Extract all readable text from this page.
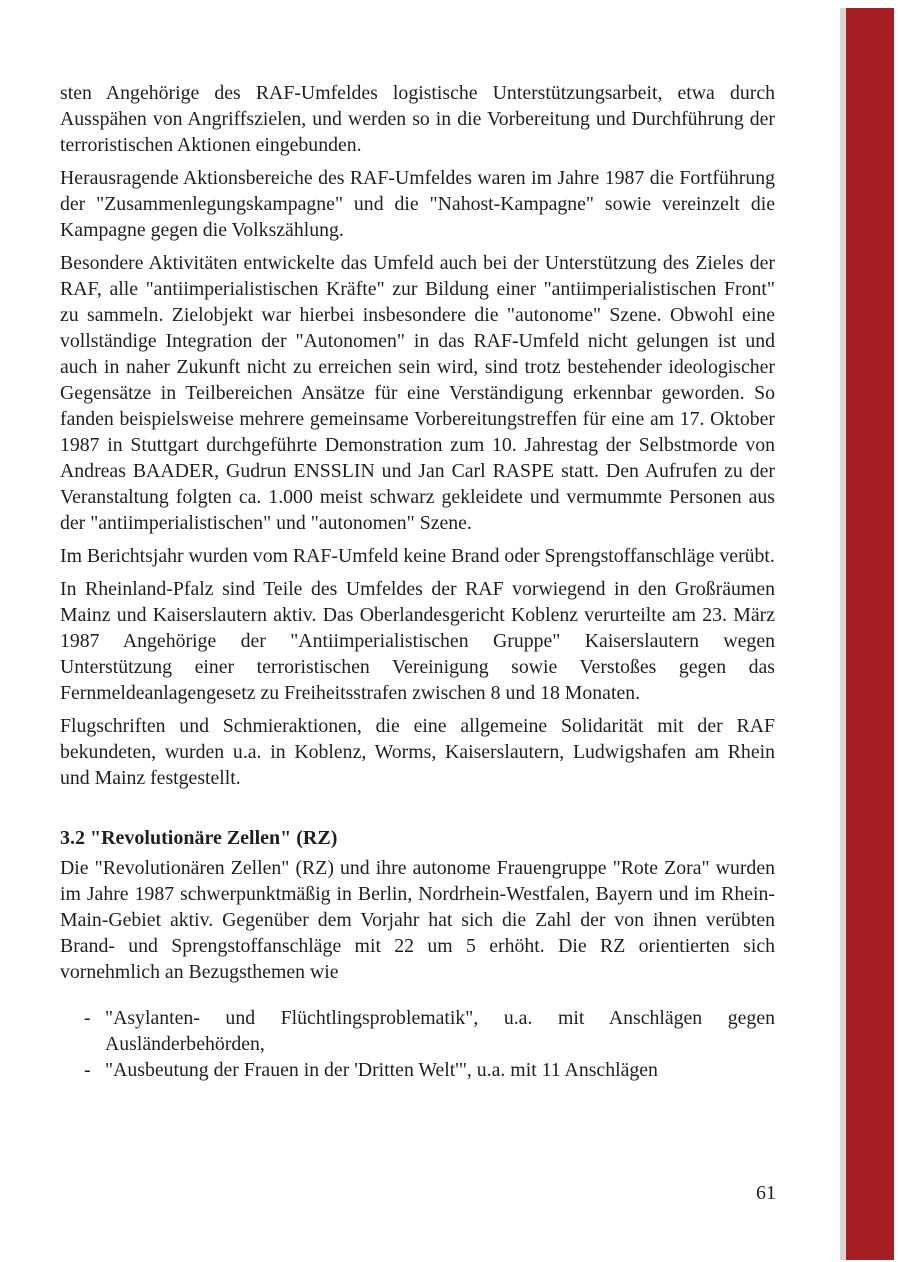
sten Angehörige des RAF-Umfeldes logistische Unterstützungsarbeit, etwa durch Ausspähen von Angriffszielen, und werden so in die Vorbereitung und Durchführung der terroristischen Aktionen eingebunden.

Herausragende Aktionsbereiche des RAF-Umfeldes waren im Jahre 1987 die Fortführung der "Zusammenlegungskampagne" und die "Nahost-Kampagne" sowie vereinzelt die Kampagne gegen die Volkszählung.

Besondere Aktivitäten entwickelte das Umfeld auch bei der Unterstützung des Zieles der RAF, alle "antiimperialistischen Kräfte" zur Bildung einer "antiimperialistischen Front" zu sammeln. Zielobjekt war hierbei insbesondere die "autonome" Szene. Obwohl eine vollständige Integration der "Autonomen" in das RAF-Umfeld nicht gelungen ist und auch in naher Zukunft nicht zu erreichen sein wird, sind trotz bestehender ideologischer Gegensätze in Teilbereichen Ansätze für eine Verständigung erkennbar geworden. So fanden beispielsweise mehrere gemeinsame Vorbereitungstreffen für eine am 17. Oktober 1987 in Stuttgart durchgeführte Demonstration zum 10. Jahrestag der Selbstmorde von Andreas BAADER, Gudrun ENSSLIN und Jan Carl RASPE statt. Den Aufrufen zu der Veranstaltung folgten ca. 1.000 meist schwarz gekleidete und vermummte Personen aus der "antiimperialistischen" und "autonomen" Szene.

Im Berichtsjahr wurden vom RAF-Umfeld keine Brand oder Sprengstoffanschläge verübt.

In Rheinland-Pfalz sind Teile des Umfeldes der RAF vorwiegend in den Großräumen Mainz und Kaiserslautern aktiv. Das Oberlandesgericht Koblenz verurteilte am 23. März 1987 Angehörige der "Antiimperialistischen Gruppe" Kaiserslautern wegen Unterstützung einer terroristischen Vereinigung sowie Verstoßes gegen das Fernmeldeanlagengesetz zu Freiheitsstrafen zwischen 8 und 18 Monaten.

Flugschriften und Schmieraktionen, die eine allgemeine Solidarität mit der RAF bekundeten, wurden u.a. in Koblenz, Worms, Kaiserslautern, Ludwigshafen am Rhein und Mainz festgestellt.

3.2 "Revolutionäre Zellen" (RZ)

Die "Revolutionären Zellen" (RZ) und ihre autonome Frauengruppe "Rote Zora" wurden im Jahre 1987 schwerpunktmäßig in Berlin, Nordrhein-Westfalen, Bayern und im Rhein-Main-Gebiet aktiv. Gegenüber dem Vorjahr hat sich die Zahl der von ihnen verübten Brand- und Sprengstoffanschläge mit 22 um 5 erhöht. Die RZ orientierten sich vornehmlich an Bezugsthemen wie

- "Asylanten- und Flüchtlingsproblematik", u.a. mit Anschlägen gegen Ausländerbehörden,
- "Ausbeutung der Frauen in der 'Dritten Welt'", u.a. mit 11 Anschlägen
61
